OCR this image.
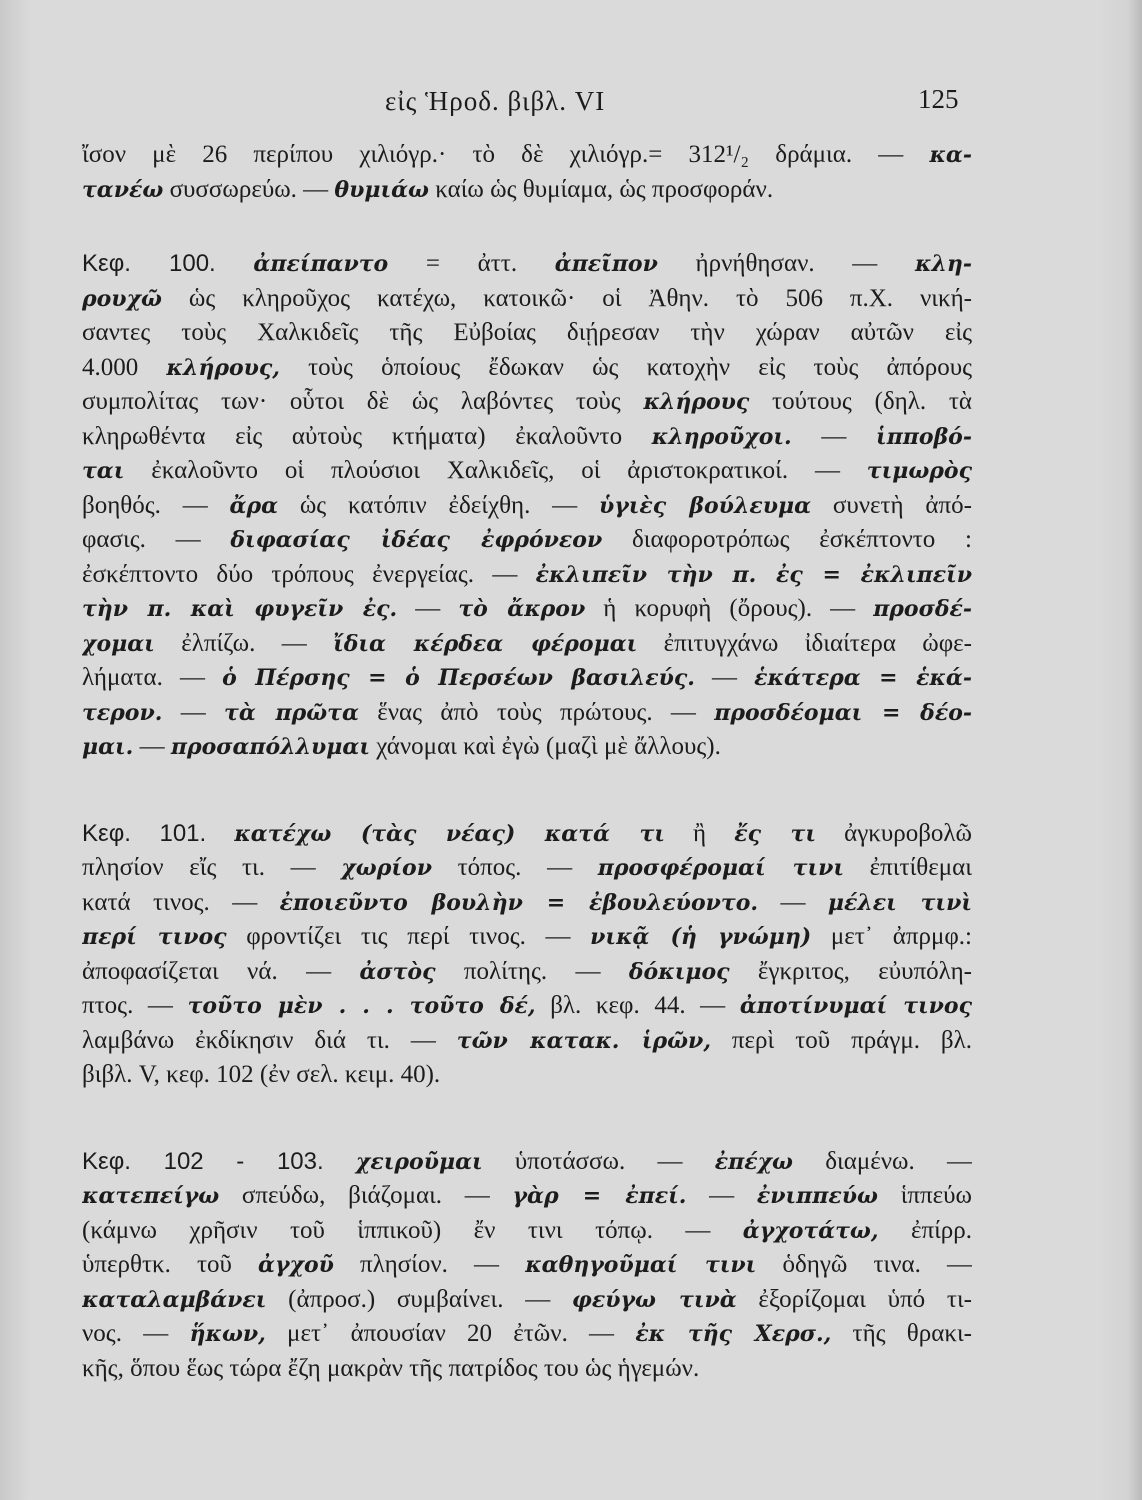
εἰς Ἡροδ. βιβλ. VI	125
ἴσον μὲ 26 περίπου χιλιόγρ.· τὸ δὲ χιλιόγρ.= 312¹/₂ δράμια. — κα-
τανέω συσσωρεύω. — θυμιάω καίω ὡς θυμίαμα, ὡς προσφοράν.
Κεφ. 100. ἀπείπαντο = ἀττ. ἀπεῖπον ἠρνήθησαν. — κλη-
ρουχῶ ὡς κληροῦχος κατέχω, κατοικῶ· οἱ Ἀθην. τὸ 506 π.Χ. νική-
σαντες τοὺς Χαλκιδεῖς τῆς Εὐβοίας διῄρεσαν τὴν χώραν αὐτῶν εἰς
4.000 κλήρους, τοὺς ὁποίους ἔδωκαν ὡς κατοχὴν εἰς τοὺς ἀπόρους
συμπολίτας των· οὗτοι δὲ ὡς λαβόντες τοὺς κλήρους τούτους (δηλ. τὰ
κληρωθέντα εἰς αὐτοὺς κτήματα) ἐκαλοῦντο κληροῦχοι. — ἱπποβό-
ται ἐκαλοῦντο οἱ πλούσιοι Χαλκιδεῖς, οἱ ἀριστοκρατικοί. — τιμωρὸς
βοηθός. — ἄρα ὡς κατόπιν ἐδείχθη. — ὑγιὲς βούλευμα συνετὴ ἀπό-
φασις. — διφασίας ἰδέας ἐφρόνεον διαφοροτρόπως ἐσκέπτοντο :
ἐσκέπτοντο δύο τρόπους ἐνεργείας. — ἐκλιπεῖν τὴν π. ἐς = ἐκλιπεῖν
τὴν π. καὶ φυγεῖν ἐς. — τὸ ἄκρον ἡ κορυφὴ (ὄρους). — προσδέ-
χομαι ἐλπίζω. — ἴδια κέρδεα φέρομαι ἐπιτυγχάνω ἰδιαίτερα ὠφε-
λήματα. — ὁ Πέρσης = ὁ Περσέων βασιλεύς. — ἑκάτερα = ἑκά-
τερον. — τὰ πρῶτα ἕνας ἀπὸ τοὺς πρώτους. — προσδέομαι = δέο-
μαι. — προσαπόλλυμαι χάνομαι καὶ ἐγὼ (μαζὶ μὲ ἄλλους).
Κεφ. 101. κατέχω (τὰς νέας) κατά τι ἢ ἔς τι ἀγκυροβολῶ
πλησίον εἴς τι. — χωρίον τόπος. — προσφέρομαί τινι ἐπιτίθεμαι
κατά τινος. — ἐποιεῦντο βουλὴν = ἐβουλεύοντο. — μέλει τινὶ
περί τινος φροντίζει τις περί τινος. — νικᾷ (ἡ γνώμη) μετ᾿ ἀπρμφ.:
ἀποφασίζεται νά. — ἀστὸς πολίτης. — δόκιμος ἔγκριτος, εὐυπόλη-
πτος. — τοῦτο μὲν . . . τοῦτο δέ, βλ. κεφ. 44. — ἀποτίνυμαί τινος
λαμβάνω ἐκδίκησιν διά τι. — τῶν κατακ. ἱρῶν, περὶ τοῦ πράγμ. βλ.
βιβλ. V, κεφ. 102 (ἐν σελ. κειμ. 40).
Κεφ. 102 - 103. χειροῦμαι ὑποτάσσω. — ἐπέχω διαμένω. —
κατεπείγω σπεύδω, βιάζομαι. — γὰρ = ἐπεί. — ἐνιππεύω ἱππεύω
(κάμνω χρῆσιν τοῦ ἱππικοῦ) ἔν τινι τόπῳ. — ἀγχοτάτω, ἐπίρρ.
ὑπερθτκ. τοῦ ἀγχοῦ πλησίον. — καθηγοῦμαί τινι ὁδηγῶ τινα. —
καταλαμβάνει (ἀπροσ.) συμβαίνει. — φεύγω τινὰ ἐξορίζομαι ὑπό τι-
νος. — ἥκων, μετ᾿ ἀπουσίαν 20 ἐτῶν. — ἐκ τῆς Χερσ., τῆς θρακι-
κῆς, ὅπου ἕως τώρα ἔζη μακρὰν τῆς πατρίδος του ὡς ἡγεμών.
